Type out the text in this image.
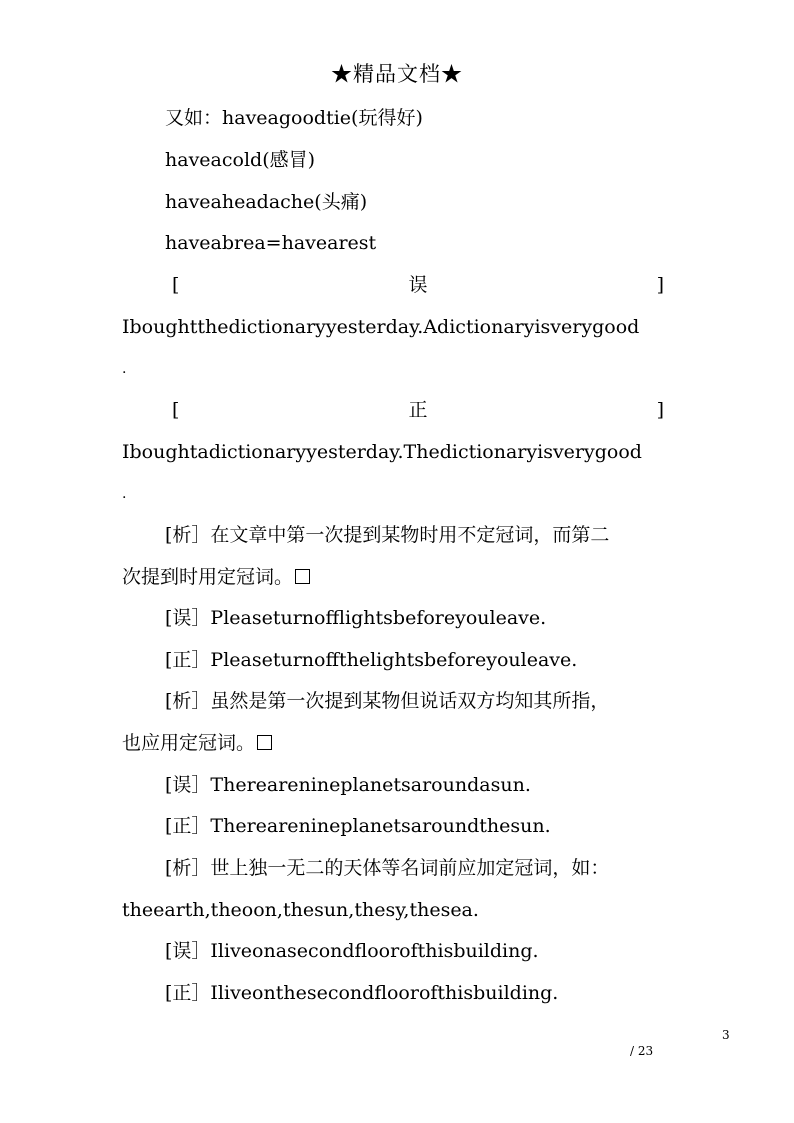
★精品文档★
又如：haveagoodtie(玩得好)
haveacold(感冒)
haveaheadache(头痛)
haveabrea=havearest
[	误	]
Iboughtthedictionaryyesterday.Adictionaryisverygood
.
[	正	]
Iboughtadictionaryyesterday.Thedictionaryisverygood
.
[析］在文章中第一次提到某物时用不定冠词，而第二
次提到时用定冠词。
[误］Pleaseturnofflightsbeforeyouleave.
[正］Pleaseturnoffthelightsbeforeyouleave.
[析］虽然是第一次提到某物但说话双方均知其所指，
也应用定冠词。
[误］Therearenineplanetsaroundasun.
[正］Therearenineplanetsaroundthesun.
[析］世上独一无二的天体等名词前应加定冠词，如：
theearth,theoon,thesun,thesy,thesea.
[误］Iliveonasecondfloorofthisbuilding.
[正］Iliveonthesecondfloorofthisbuilding.
3
/ 23
